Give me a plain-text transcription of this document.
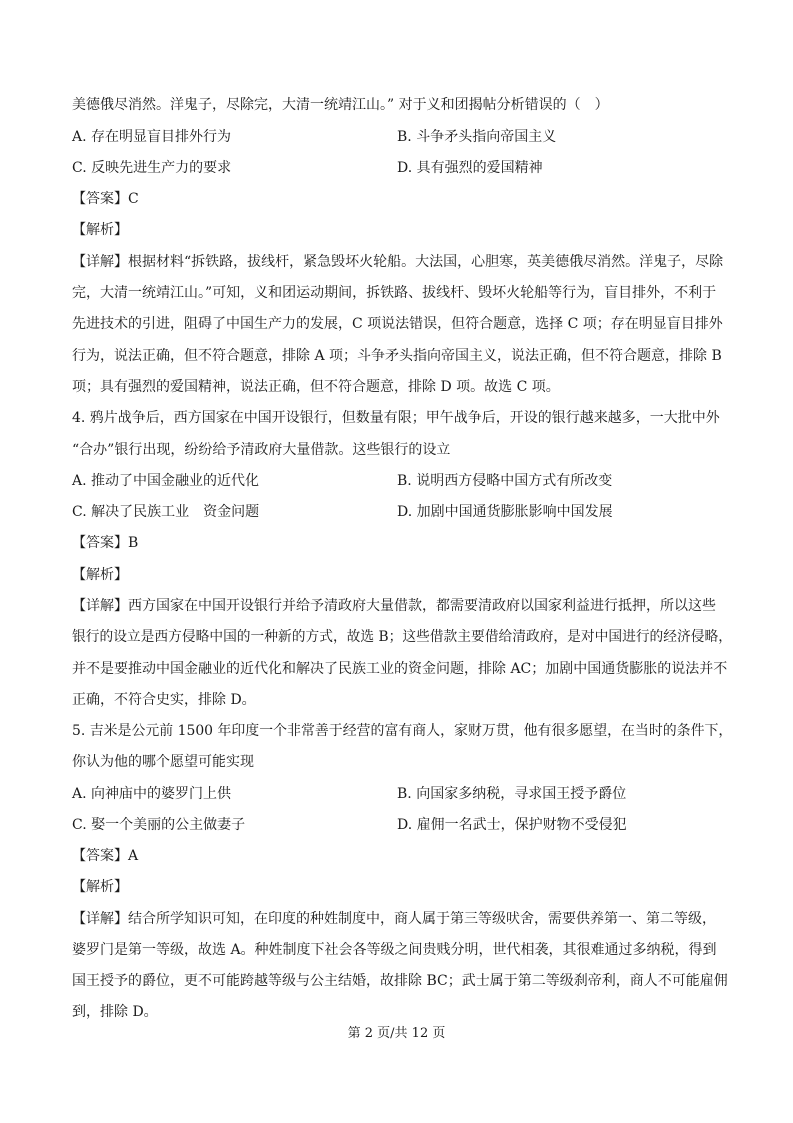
美德俄尽消然。洋鬼子，尽除完，大清一统靖江山。” 对于义和团揭帖分析错误的（　）
A. 存在明显盲目排外行为	B. 斗争矛头指向帝国主义
C. 反映先进生产力的要求	D. 具有强烈的爱国精神
【答案】C
【解析】
【详解】根据材料“拆铁路，拔线杆，紧急毁坏火轮船。大法国，心胆寒，英美德俄尽消然。洋鬼子，尽除
完，大清一统靖江山。”可知，义和团运动期间，拆铁路、拔线杆、毁坏火轮船等行为，盲目排外，不利于
先进技术的引进，阻碍了中国生产力的发展，C 项说法错误，但符合题意，选择 C 项；存在明显盲目排外
行为，说法正确，但不符合题意，排除 A 项；斗争矛头指向帝国主义，说法正确，但不符合题意，排除 B
项；具有强烈的爱国精神，说法正确，但不符合题意，排除 D 项。故选 C 项。
4. 鸦片战争后，西方国家在中国开设银行，但数量有限；甲午战争后，开设的银行越来越多，一大批中外
“合办”银行出现，纷纷给予清政府大量借款。这些银行的设立
A. 推动了中国金融业的近代化	B. 说明西方侵略中国方式有所改变
C. 解决了民族工业　资金问题	D. 加剧中国通货膨胀影响中国发展
【答案】B
【解析】
【详解】西方国家在中国开设银行并给予清政府大量借款，都需要清政府以国家利益进行抵押，所以这些
银行的设立是西方侵略中国的一种新的方式，故选 B；这些借款主要借给清政府，是对中国进行的经济侵略，
并不是要推动中国金融业的近代化和解决了民族工业的资金问题，排除 AC；加剧中国通货膨胀的说法并不
正确，不符合史实，排除 D。
5. 吉米是公元前 1500 年印度一个非常善于经营的富有商人，家财万贯，他有很多愿望，在当时的条件下，
你认为他的哪个愿望可能实现
A. 向神庙中的婆罗门上供	B. 向国家多纳税，寻求国王授予爵位
C. 娶一个美丽的公主做妻子	D. 雇佣一名武士，保护财物不受侵犯
【答案】A
【解析】
【详解】结合所学知识可知，在印度的种姓制度中，商人属于第三等级吠舍，需要供养第一、第二等级，
婆罗门是第一等级，故选 A。种姓制度下社会各等级之间贵贱分明，世代相袭，其很难通过多纳税，得到
国王授予的爵位，更不可能跨越等级与公主结婚，故排除 BC；武士属于第二等级刹帝利，商人不可能雇佣
到，排除 D。
第 2 页/共 12 页
